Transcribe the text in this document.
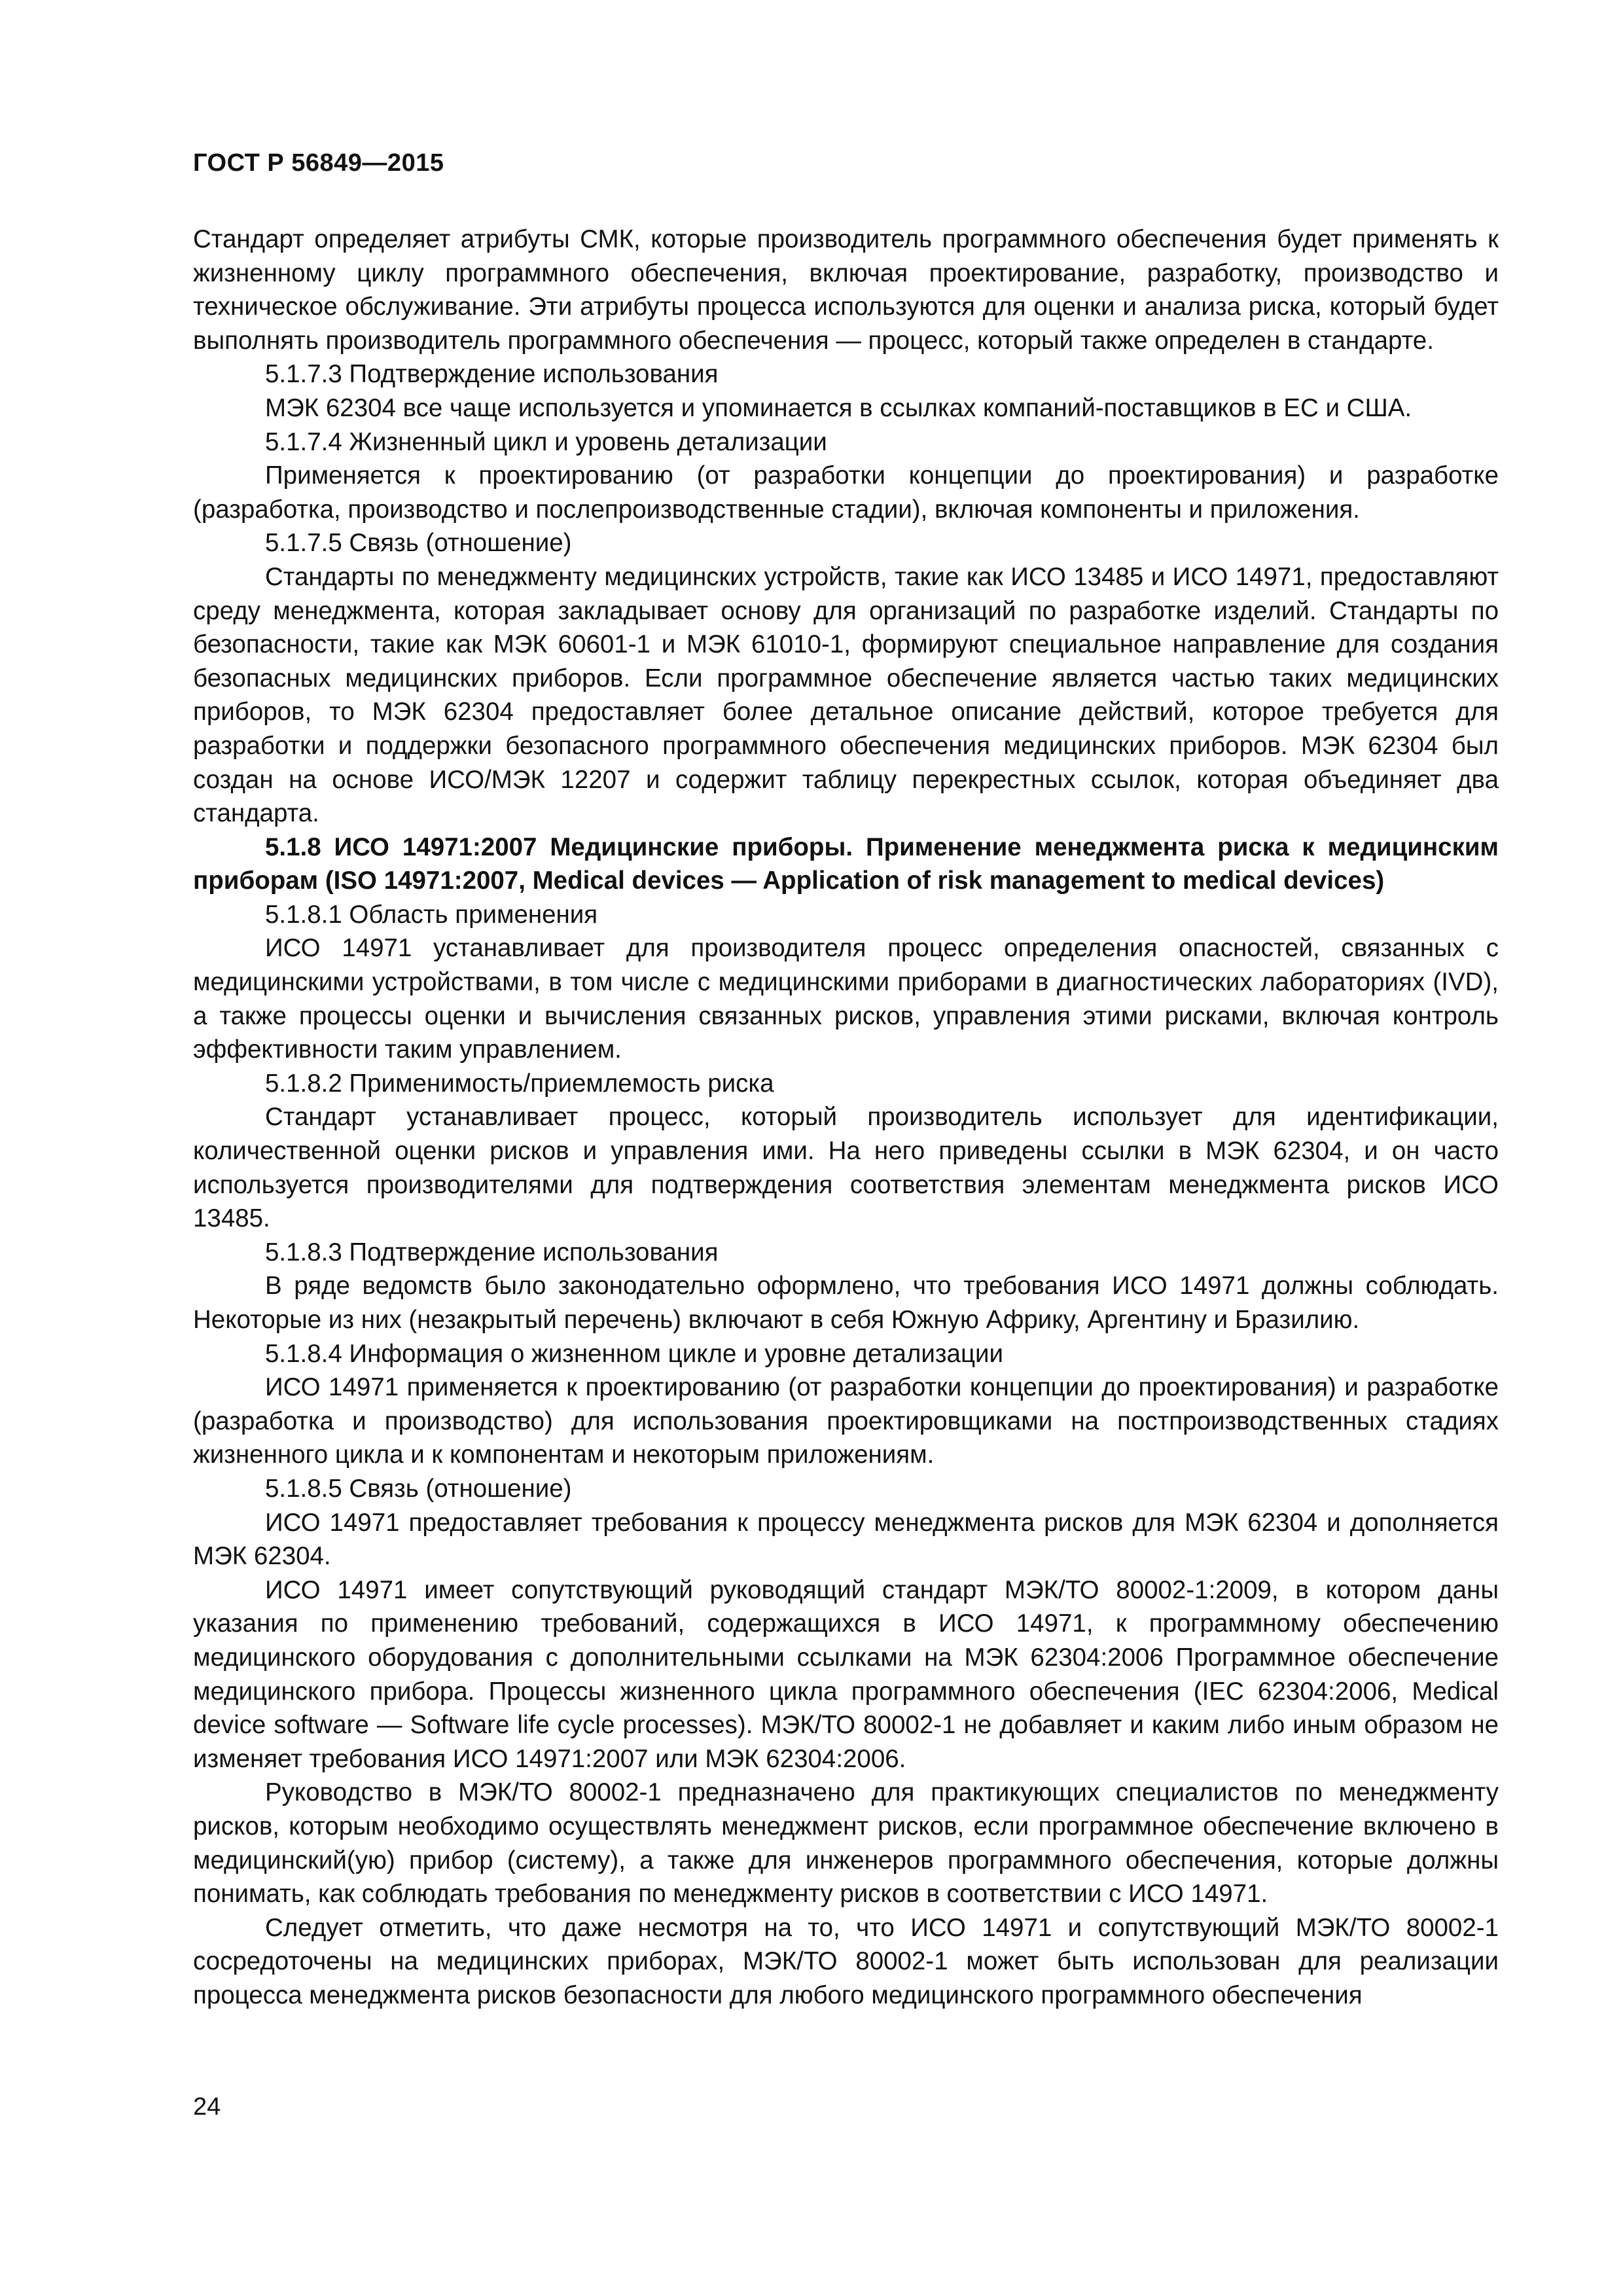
ГОСТ Р 56849—2015

Стандарт определяет атрибуты СМК, которые производитель программного обеспечения будет применять к жизненному циклу программного обеспечения, включая проектирование, разработку, производство и техническое обслуживание. Эти атрибуты процесса используются для оценки и анализа риска, который будет выполнять производитель программного обеспечения — процесс, который также определен в стандарте.

5.1.7.3 Подтверждение использования

МЭК 62304 все чаще используется и упоминается в ссылках компаний-поставщиков в ЕС и США.

5.1.7.4 Жизненный цикл и уровень детализации

Применяется к проектированию (от разработки концепции до проектирования) и разработке (разработка, производство и послепроизводственные стадии), включая компоненты и приложения.

5.1.7.5 Связь (отношение)

Стандарты по менеджменту медицинских устройств, такие как ИСО 13485 и ИСО 14971, предоставляют среду менеджмента, которая закладывает основу для организаций по разработке изделий. Стандарты по безопасности, такие как МЭК 60601-1 и МЭК 61010-1, формируют специальное направление для создания безопасных медицинских приборов. Если программное обеспечение является частью таких медицинских приборов, то МЭК 62304 предоставляет более детальное описание действий, которое требуется для разработки и поддержки безопасного программного обеспечения медицинских приборов. МЭК 62304 был создан на основе ИСО/МЭК 12207 и содержит таблицу перекрестных ссылок, которая объединяет два стандарта.

5.1.8 ИСО 14971:2007 Медицинские приборы. Применение менеджмента риска к медицинским приборам (ISO 14971:2007, Medical devices — Application of risk management to medical devices)

5.1.8.1 Область применения

ИСО 14971 устанавливает для производителя процесс определения опасностей, связанных с медицинскими устройствами, в том числе с медицинскими приборами в диагностических лабораториях (IVD), а также процессы оценки и вычисления связанных рисков, управления этими рисками, включая контроль эффективности таким управлением.

5.1.8.2 Применимость/приемлемость риска

Стандарт устанавливает процесс, который производитель использует для идентификации, количественной оценки рисков и управления ими. На него приведены ссылки в МЭК 62304, и он часто используется производителями для подтверждения соответствия элементам менеджмента рисков ИСО 13485.

5.1.8.3 Подтверждение использования

В ряде ведомств было законодательно оформлено, что требования ИСО 14971 должны соблюдать. Некоторые из них (незакрытый перечень) включают в себя Южную Африку, Аргентину и Бразилию.

5.1.8.4 Информация о жизненном цикле и уровне детализации

ИСО 14971 применяется к проектированию (от разработки концепции до проектирования) и разработке (разработка и производство) для использования проектировщиками на постпроизводственных стадиях жизненного цикла и к компонентам и некоторым приложениям.

5.1.8.5 Связь (отношение)

ИСО 14971 предоставляет требования к процессу менеджмента рисков для МЭК 62304 и дополняется МЭК 62304.

ИСО 14971 имеет сопутствующий руководящий стандарт МЭК/ТО 80002-1:2009, в котором даны указания по применению требований, содержащихся в ИСО 14971, к программному обеспечению медицинского оборудования с дополнительными ссылками на МЭК 62304:2006 Программное обеспечение медицинского прибора. Процессы жизненного цикла программного обеспечения (IEC 62304:2006, Medical device software — Software life cycle processes). МЭК/ТО 80002-1 не добавляет и каким либо иным образом не изменяет требования ИСО 14971:2007 или МЭК 62304:2006.

Руководство в МЭК/ТО 80002-1 предназначено для практикующих специалистов по менеджменту рисков, которым необходимо осуществлять менеджмент рисков, если программное обеспечение включено в медицинский(ую) прибор (систему), а также для инженеров программного обеспечения, которые должны понимать, как соблюдать требования по менеджменту рисков в соответствии с ИСО 14971.

Следует отметить, что даже несмотря на то, что ИСО 14971 и сопутствующий МЭК/ТО 80002-1 сосредоточены на медицинских приборах, МЭК/ТО 80002-1 может быть использован для реализации процесса менеджмента рисков безопасности для любого медицинского программного обеспечения

24
